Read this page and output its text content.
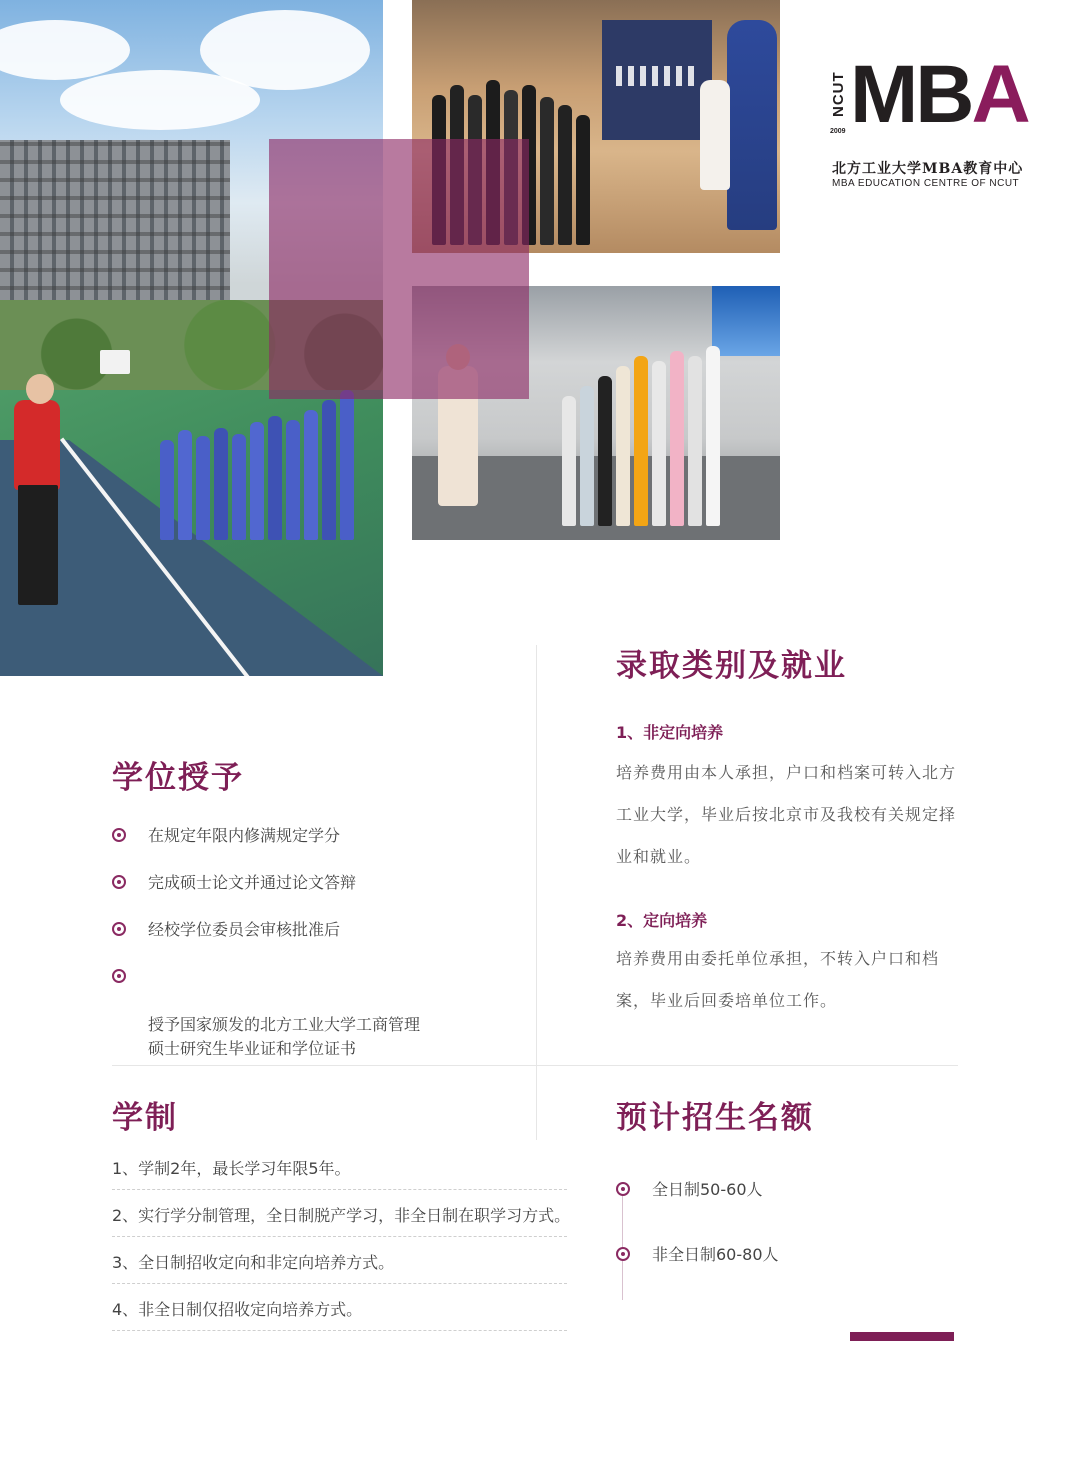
NCUT
2009 MBA
北方工业大学MBA教育中心
MBA EDUCATION CENTRE OF NCUT
录取类别及就业
1、非定向培养
培养费用由本人承担，户口和档案可转入北方工业大学，毕业后按北京市及我校有关规定择业和就业。
2、定向培养
培养费用由委托单位承担，不转入户口和档案，毕业后回委培单位工作。
学位授予
在规定年限内修满规定学分
完成硕士论文并通过论文答辩
经校学位委员会审核批准后

授予国家颁发的北方工业大学工商管理
硕士研究生毕业证和学位证书

学制
1、学制2年，最长学习年限5年。
2、实行学分制管理，全日制脱产学习，非全日制在职学习方式。
3、全日制招收定向和非定向培养方式。
4、非全日制仅招收定向培养方式。
预计招生名额
全日制50-60人
非全日制60-80人
